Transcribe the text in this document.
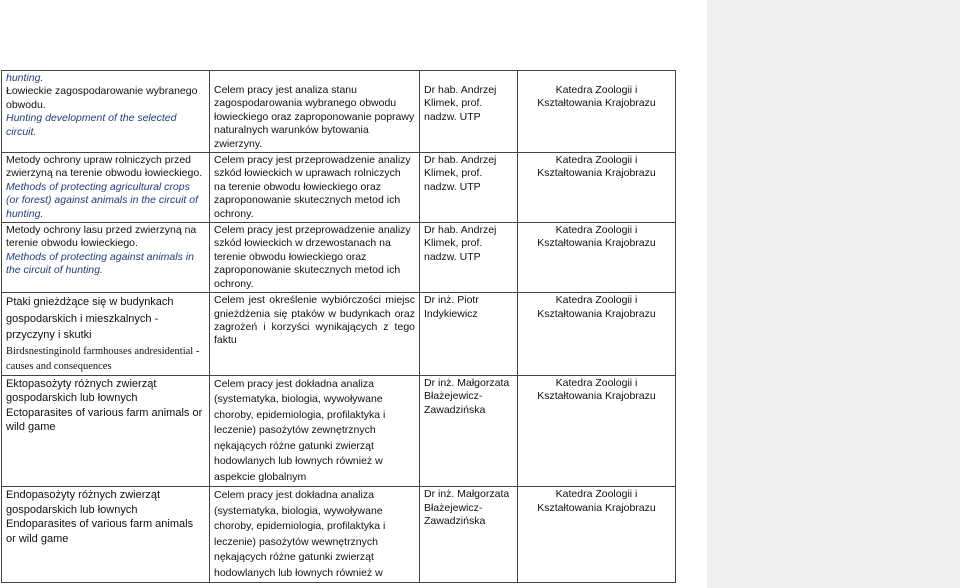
hunting.
Łowieckie zagospodarowanie wybranego obwodu.
Hunting development of the selected circuit.	Celem pracy jest analiza stanu zagospodarowania wybranego obwodu łowieckiego oraz zaproponowanie poprawy naturalnych warunków bytowania zwierzyny.	Dr hab. Andrzej Klimek, prof. nadzw. UTP	Katedra Zoologii i Kształtowania Krajobrazu

Metody ochrony upraw rolniczych przed zwierzyną na terenie obwodu łowieckiego.
Methods of protecting agricultural crops (or forest) against animals in the circuit of hunting.	Celem pracy jest przeprowadzenie analizy szkód łowieckich w uprawach rolniczych na terenie obwodu łowieckiego oraz zaproponowanie skutecznych metod ich ochrony.	Dr hab. Andrzej Klimek, prof. nadzw. UTP	Katedra Zoologii i Kształtowania Krajobrazu

Metody ochrony lasu przed zwierzyną na terenie obwodu łowieckiego.
Methods of protecting against animals in the circuit of hunting.	Celem pracy jest przeprowadzenie analizy szkód łowieckich w drzewostanach na terenie obwodu łowieckiego oraz zaproponowanie skutecznych metod ich ochrony.	Dr hab. Andrzej Klimek, prof. nadzw. UTP	Katedra Zoologii i Kształtowania Krajobrazu

Ptaki gnieżdżące się w budynkach gospodarskich i mieszkalnych - przyczyny i skutki
Birdsnestinginold farmhouses andresidential - causes and consequences	Celem jest określenie wybiórczości miejsc gnieżdżenia się ptaków w budynkach oraz zagrożeń i korzyści wynikających z tego faktu	Dr inż. Piotr Indykiewicz	Katedra Zoologii i Kształtowania Krajobrazu

Ektopasożyty różnych zwierząt gospodarskich lub łownych
Ectoparasites of various farm animals or wild game	Celem pracy jest dokładna analiza (systematyka, biologia, wywoływane choroby, epidemiologia, profilaktyka i leczenie) pasożytów zewnętrznych nękających różne gatunki zwierząt hodowlanych lub łownych również w aspekcie globalnym	Dr inż. Małgorzata Błażejewicz-Zawadzińska	Katedra Zoologii i Kształtowania Krajobrazu

Endopasożyty różnych zwierząt gospodarskich lub łownych
Endoparasites of various farm animals or wild game	Celem pracy jest dokładna analiza (systematyka, biologia, wywoływane choroby, epidemiologia, profilaktyka i leczenie) pasożytów wewnętrznych nękających różne gatunki zwierząt hodowlanych lub łownych również w	Dr inż. Małgorzata Błażejewicz-Zawadzińska	Katedra Zoologii i Kształtowania Krajobrazu
